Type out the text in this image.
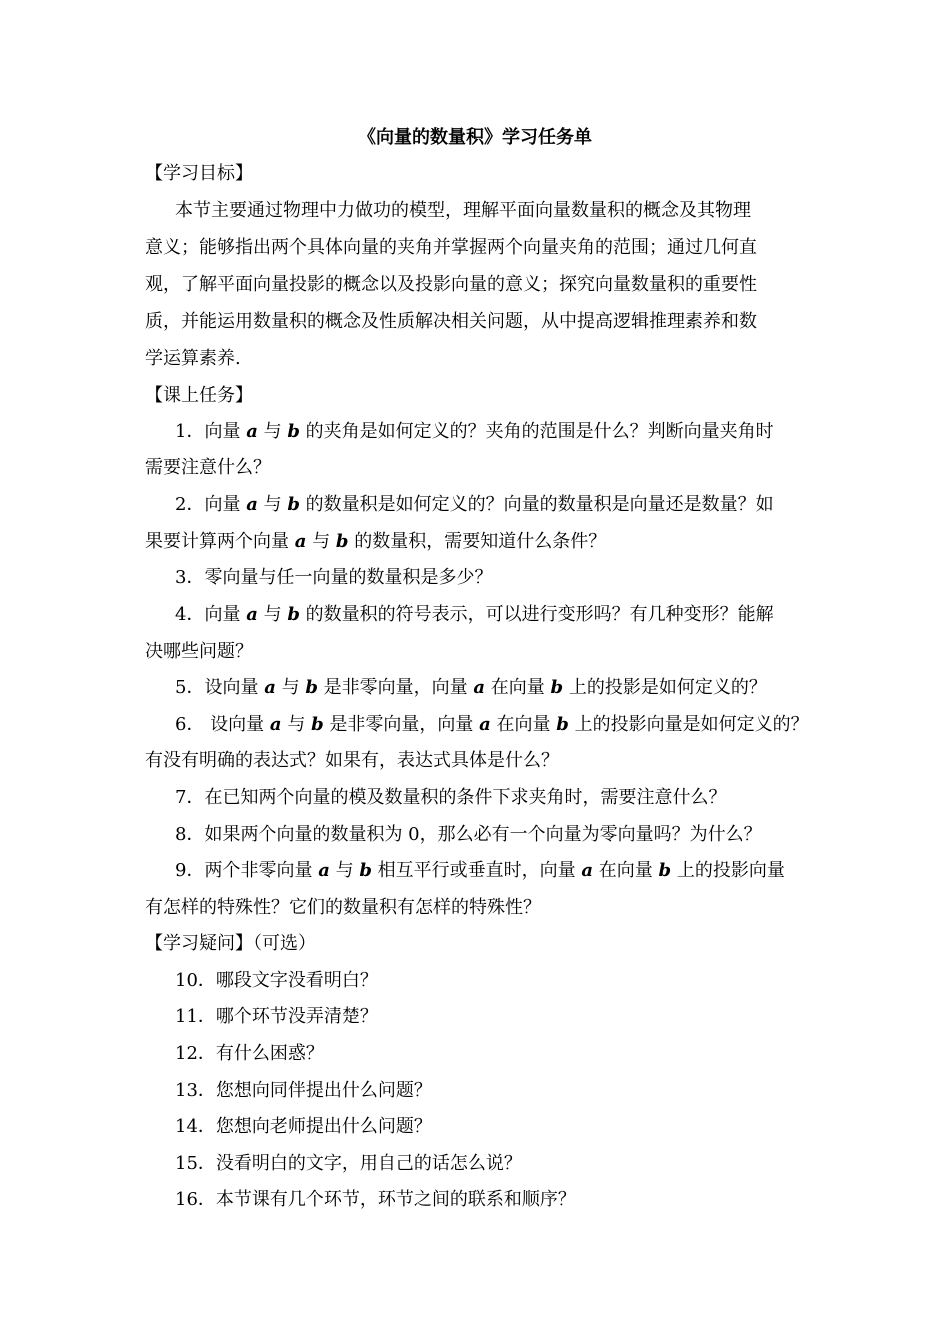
《向量的数量积》学习任务单
【学习目标】
本节主要通过物理中力做功的模型，理解平面向量数量积的概念及其物理
意义；能够指出两个具体向量的夹角并掌握两个向量夹角的范围；通过几何直
观，了解平面向量投影的概念以及投影向量的意义；探究向量数量积的重要性
质，并能运用数量积的概念及性质解决相关问题，从中提高逻辑推理素养和数
学运算素养.
【课上任务】
1．向量 a 与 b 的夹角是如何定义的？夹角的范围是什么？判断向量夹角时
需要注意什么？
2．向量 a 与 b 的数量积是如何定义的？向量的数量积是向量还是数量？如
果要计算两个向量 a 与 b 的数量积，需要知道什么条件？
3．零向量与任一向量的数量积是多少？
4．向量 a 与 b 的数量积的符号表示，可以进行变形吗？有几种变形？能解
决哪些问题？
5．设向量 a 与 b 是非零向量，向量 a 在向量 b 上的投影是如何定义的？
6． 设向量 a 与 b 是非零向量，向量 a 在向量 b 上的投影向量是如何定义的？
有没有明确的表达式？如果有，表达式具体是什么？
7．在已知两个向量的模及数量积的条件下求夹角时，需要注意什么？
8．如果两个向量的数量积为 0，那么必有一个向量为零向量吗？为什么？
9．两个非零向量 a 与 b 相互平行或垂直时，向量 a 在向量 b 上的投影向量
有怎样的特殊性？它们的数量积有怎样的特殊性？
【学习疑问】（可选）
10．哪段文字没看明白？
11．哪个环节没弄清楚？
12．有什么困惑？
13．您想向同伴提出什么问题？
14．您想向老师提出什么问题？
15．没看明白的文字，用自己的话怎么说？
16．本节课有几个环节，环节之间的联系和顺序？
